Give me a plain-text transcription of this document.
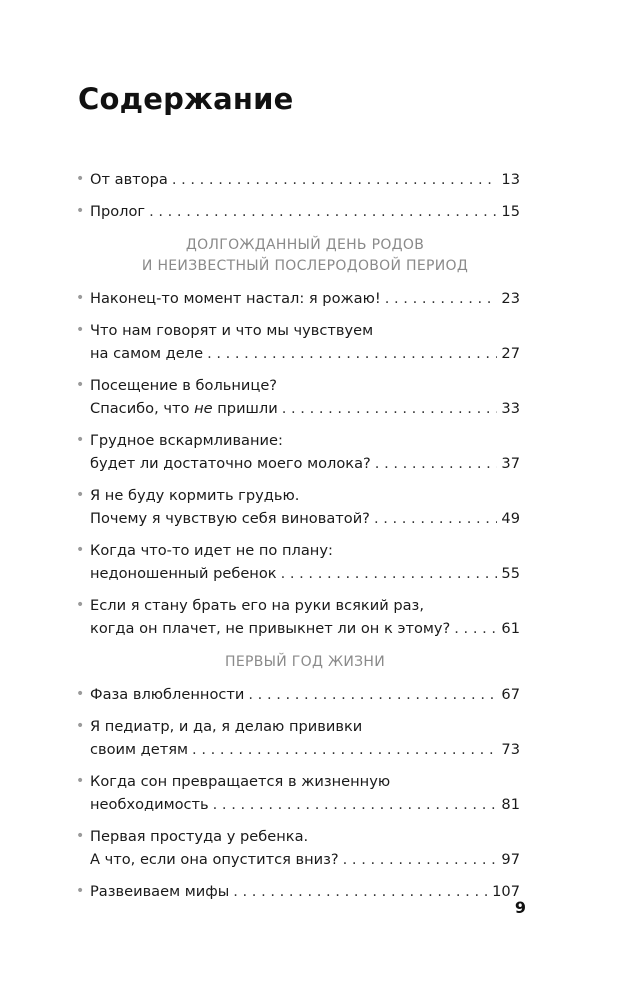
Содержание
• От автора . . .	13
• Пролог . . .	15
ДОЛГОЖДАННЫЙ ДЕНЬ РОДОВ
И НЕИЗВЕСТНЫЙ ПОСЛЕРОДОВОЙ ПЕРИОД
• Наконец-то момент настал: я рожаю! . . .	23
• Что нам говорят и что мы чувствуем
на самом деле . . .	27
• Посещение в больнице?
Спасибо, что не пришли . . .	33
• Грудное вскармливание:
будет ли достаточно моего молока? . . .	37
• Я не буду кормить грудью.
Почему я чувствую себя виноватой? . . .	49
• Когда что-то идет не по плану:
недоношенный ребенок . . .	55
• Если я стану брать его на руки всякий раз,
когда он плачет, не привыкнет ли он к этому? . . .	61
ПЕРВЫЙ ГОД ЖИЗНИ
• Фаза влюбленности . . .	67
• Я педиатр, и да, я делаю прививки
своим детям . . .	73
• Когда сон превращается в жизненную
необходимость . . .	81
• Первая простуда у ребенка.
А что, если она опустится вниз? . . .	97
• Развеиваем мифы . . .	107
9
